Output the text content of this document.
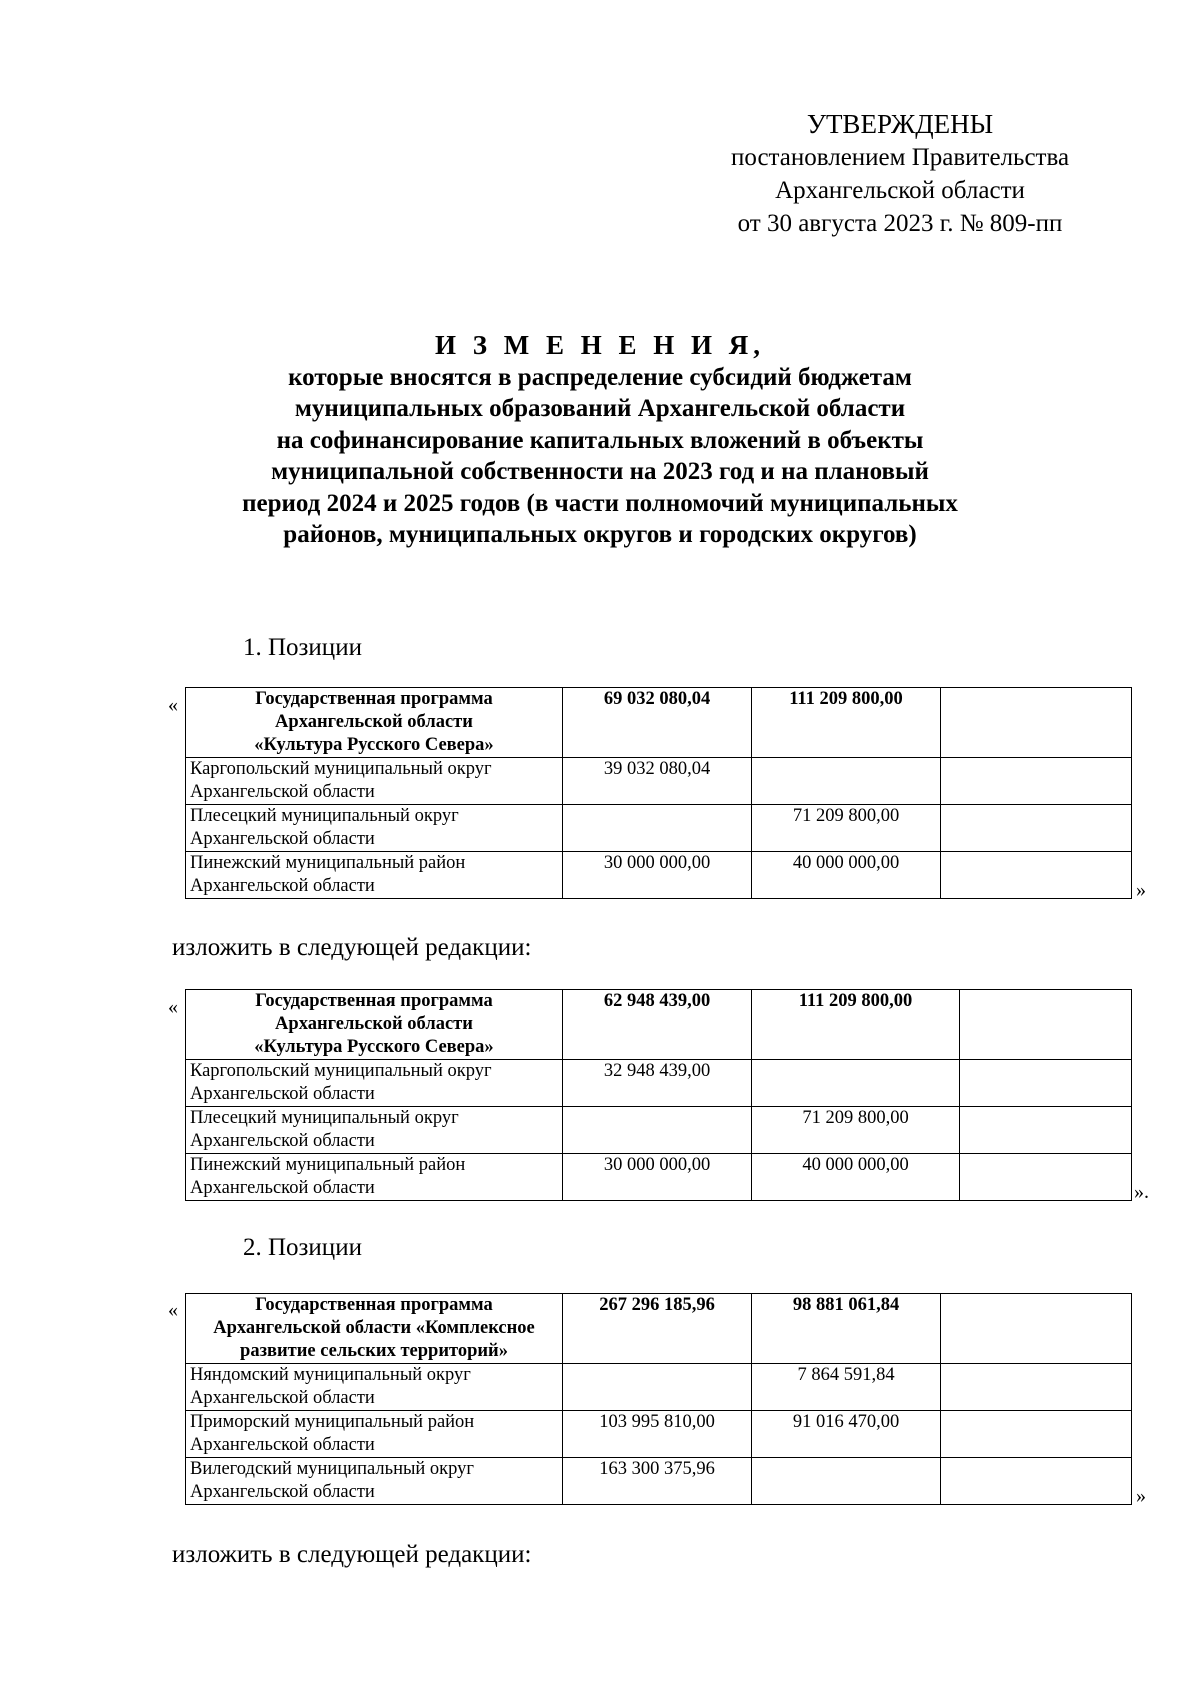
УТВЕРЖДЕНЫ
постановлением Правительства
Архангельской области
от 30 августа 2023 г. № 809-пп
И З М Е Н Е Н И Я,
которые вносятся в распределение субсидий бюджетам
муниципальных образований Архангельской области
на софинансирование капитальных вложений в объекты
муниципальной собственности на 2023 год и на плановый
период 2024 и 2025 годов (в части полномочий муниципальных
районов, муниципальных округов и городских округов)
1. Позиции
«	Государственная программа
Архангельской области
«Культура Русского Севера»	69 032 080,04	111 209 800,00	

Каргопольский муниципальный округ
Архангельской области	39 032 080,04		

Плесецкий муниципальный округ
Архангельской области		71 209 800,00	

Пинежский муниципальный район
Архангельской области	30 000 000,00	40 000 000,00	
»
изложить в следующей редакции:
«	Государственная программа
Архангельской области
«Культура Русского Севера»	62 948 439,00	111 209 800,00	

Каргопольский муниципальный округ
Архангельской области	32 948 439,00		

Плесецкий муниципальный округ
Архангельской области		71 209 800,00	

Пинежский муниципальный район
Архангельской области	30 000 000,00	40 000 000,00	
».
2. Позиции
«	Государственная программа
Архангельской области «Комплексное
развитие сельских территорий»	267 296 185,96	98 881 061,84	

Няндомский муниципальный округ
Архангельской области		7 864 591,84	

Приморский муниципальный район
Архангельской области	103 995 810,00	91 016 470,00	

Вилегодский муниципальный округ
Архангельской области	163 300 375,96		
»
изложить в следующей редакции:
